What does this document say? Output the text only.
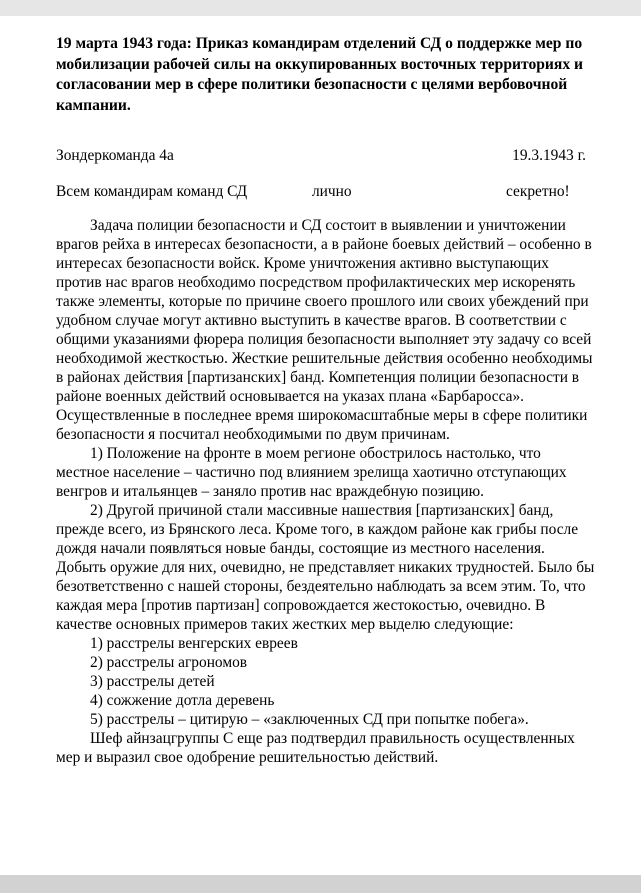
19 марта 1943 года: Приказ командирам отделений СД о поддержке мер по мобилизации рабочей силы на оккупированных восточных территориях и согласовании мер в сфере политики безопасности с целями вербовочной кампании.

Зондеркоманда 4а	19.3.1943 г.
Всем командирам команд СД	лично	секретно!

Задача полиции безопасности и СД состоит в выявлении и уничтожении врагов рейха в интересах безопасности, а в районе боевых действий – особенно в интересах безопасности войск. Кроме уничтожения активно выступающих против нас врагов необходимо посредством профилактических мер искоренять также элементы, которые по причине своего прошлого или своих убеждений при удобном случае могут активно выступить в качестве врагов. В соответствии с общими указаниями фюрера полиция безопасности выполняет эту задачу со всей необходимой жесткостью. Жесткие решительные действия особенно необходимы в районах действия [партизанских] банд. Компетенция полиции безопасности в районе военных действий основывается на указах плана «Барбаросса». Осуществленные в последнее время широкомасштабные меры в сфере политики безопасности я посчитал необходимыми по двум причинам.

1) Положение на фронте в моем регионе обострилось настолько, что местное население – частично под влиянием зрелища хаотично отступающих венгров и итальянцев – заняло против нас враждебную позицию.

2) Другой причиной стали массивные нашествия [партизанских] банд, прежде всего, из Брянского леса. Кроме того, в каждом районе как грибы после дождя начали появляться новые банды, состоящие из местного населения. Добыть оружие для них, очевидно, не представляет никаких трудностей. Было бы безответственно с нашей стороны, бездеятельно наблюдать за всем этим. То, что каждая мера [против партизан] сопровождается жестокостью, очевидно. В качестве основных примеров таких жестких мер выделю следующие:

1) расстрелы венгерских евреев

2) расстрелы агрономов

3) расстрелы детей

4) сожжение дотла деревень

5) расстрелы – цитирую – «заключенных СД при попытке побега».

Шеф айнзацгруппы С еще раз подтвердил правильность осуществленных мер и выразил свое одобрение решительностью действий.
